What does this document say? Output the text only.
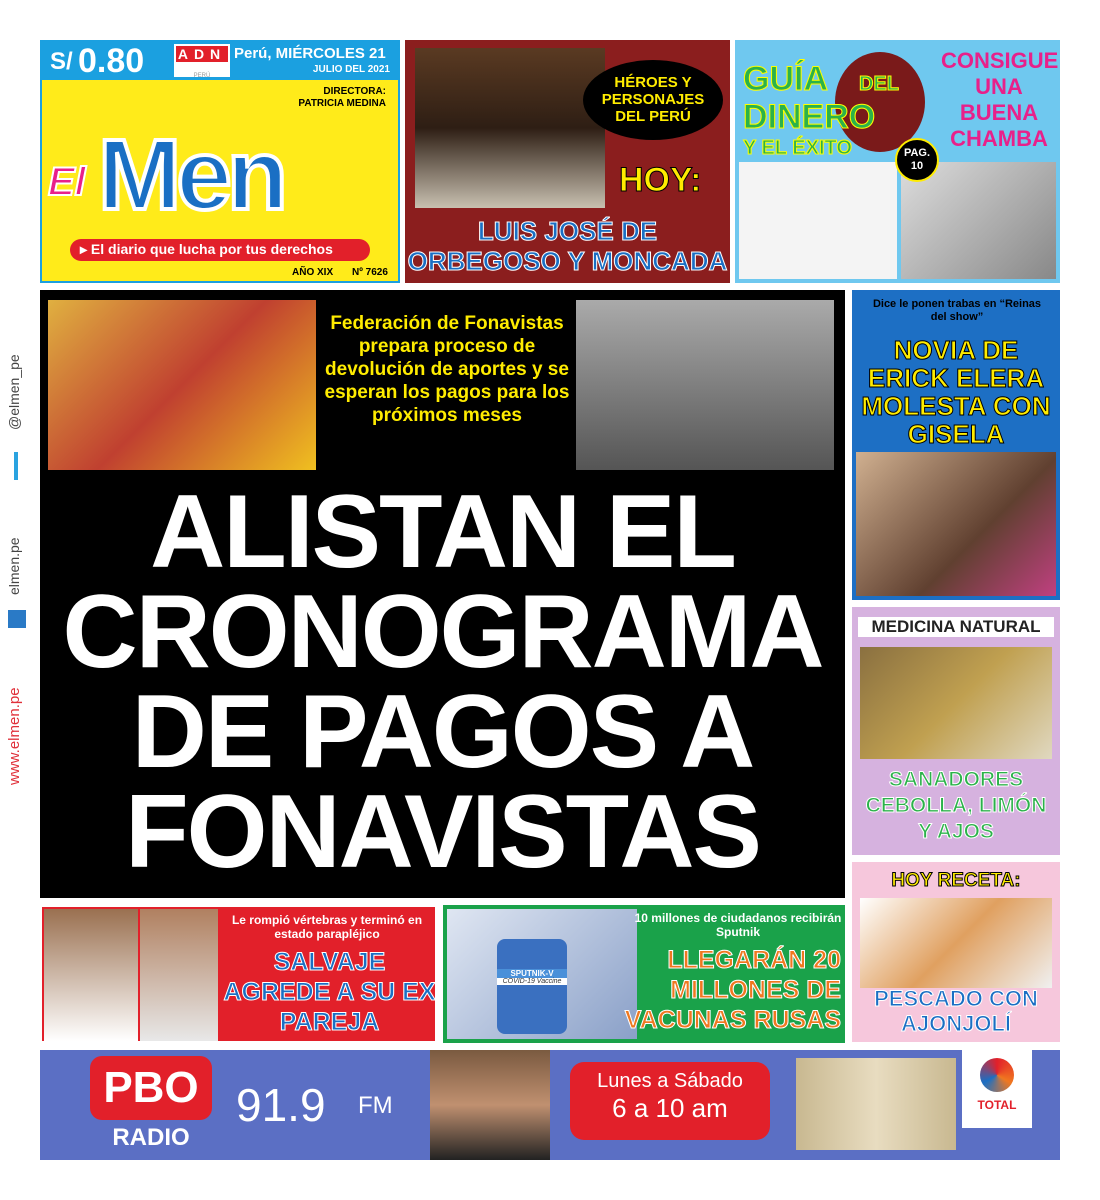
@elmen_pe
elmen.pe
www.elmen.pe
S/ 0.80 ADN
PERÚ
Perú, MIÉRCOLES 21
JULIO DEL 2021
DIRECTORA:
PATRICIA MEDINA
El Men
▸ El diario que lucha por tus derechos
AÑO XIX Nº 7626
HÉROES Y PERSONAJES DEL PERÚ
HOY:
LUIS JOSÉ DE ORBEGOSO Y MONCADA
GUÍA DEL
DINERO
Y EL ÉXITO	PAG. 10
CONSIGUE UNA BUENA CHAMBA
Federación de Fonavistas prepara proceso de devolución de aportes y se esperan los pagos para los próximos meses
ALISTAN EL
CRONOGRAMA
DE PAGOS A
FONAVISTAS
Dice le ponen trabas en “Reinas del show”
NOVIA DE ERICK ELERA MOLESTA CON GISELA
MEDICINA NATURAL
SANADORES CEBOLLA, LIMÓN Y AJOS
HOY RECETA:
PESCADO CON AJONJOLÍ
Le rompió vértebras y terminó en estado parapléjico
SALVAJE AGREDE A SU EX PAREJA
SPUTNIK-V
COVID-19 Vaccine
10 millones de ciudadanos recibirán Sputnik
LLEGARÁN 20 MILLONES DE VACUNAS RUSAS
PBO
RADIO
91.9 FM
Lunes a Sábado
6 a 10 am	TOTAL
